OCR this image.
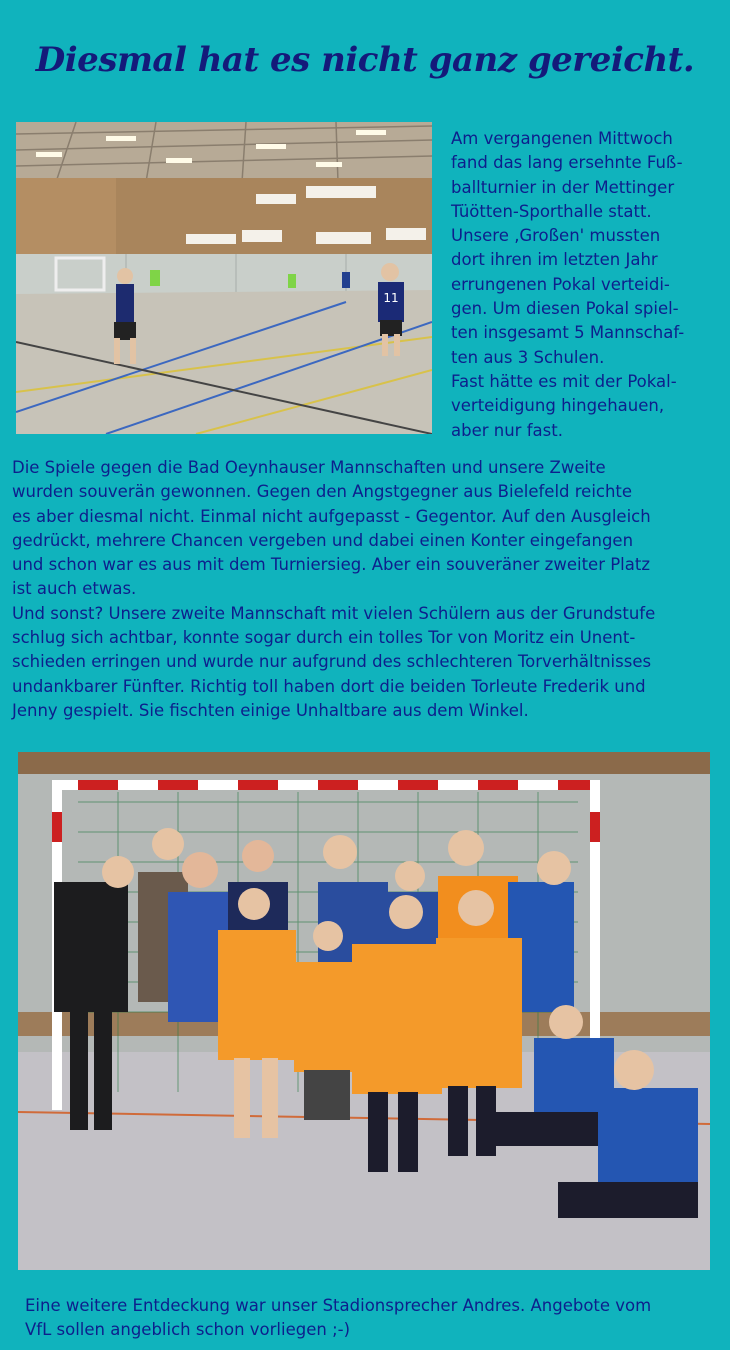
Diesmal hat es nicht ganz gereicht.
11
Am vergangenen Mittwoch
fand das lang ersehnte Fuß-
ballturnier in der Mettinger
Tüötten-Sporthalle statt.
Unsere ‚Großen' mussten
dort ihren im letzten Jahr
errungenen Pokal verteidi-
gen. Um diesen Pokal spiel-
ten insgesamt 5 Mannschaf-
ten aus 3 Schulen.
Fast hätte es mit der Pokal-
verteidigung hingehauen,
aber nur fast.
Die Spiele gegen die Bad Oeynhauser Mannschaften und unsere Zweite
wurden souverän gewonnen. Gegen den Angstgegner aus Bielefeld reichte
es aber diesmal nicht. Einmal nicht aufgepasst - Gegentor. Auf den Ausgleich
gedrückt, mehrere Chancen vergeben und dabei einen Konter eingefangen
und schon war es aus mit dem Turniersieg. Aber ein souveräner zweiter Platz
ist auch etwas.
Und sonst? Unsere zweite Mannschaft mit vielen Schülern aus der Grundstufe
schlug sich achtbar, konnte sogar durch ein tolles Tor von Moritz ein Unent-
schieden erringen und wurde nur aufgrund des schlechteren Torverhältnisses
undankbarer Fünfter. Richtig toll haben dort die beiden Torleute Frederik und
Jenny gespielt. Sie fischten einige Unhaltbare aus dem Winkel.
Eine weitere Entdeckung war unser Stadionsprecher Andres. Angebote vom
VfL sollen angeblich schon vorliegen ;-)
